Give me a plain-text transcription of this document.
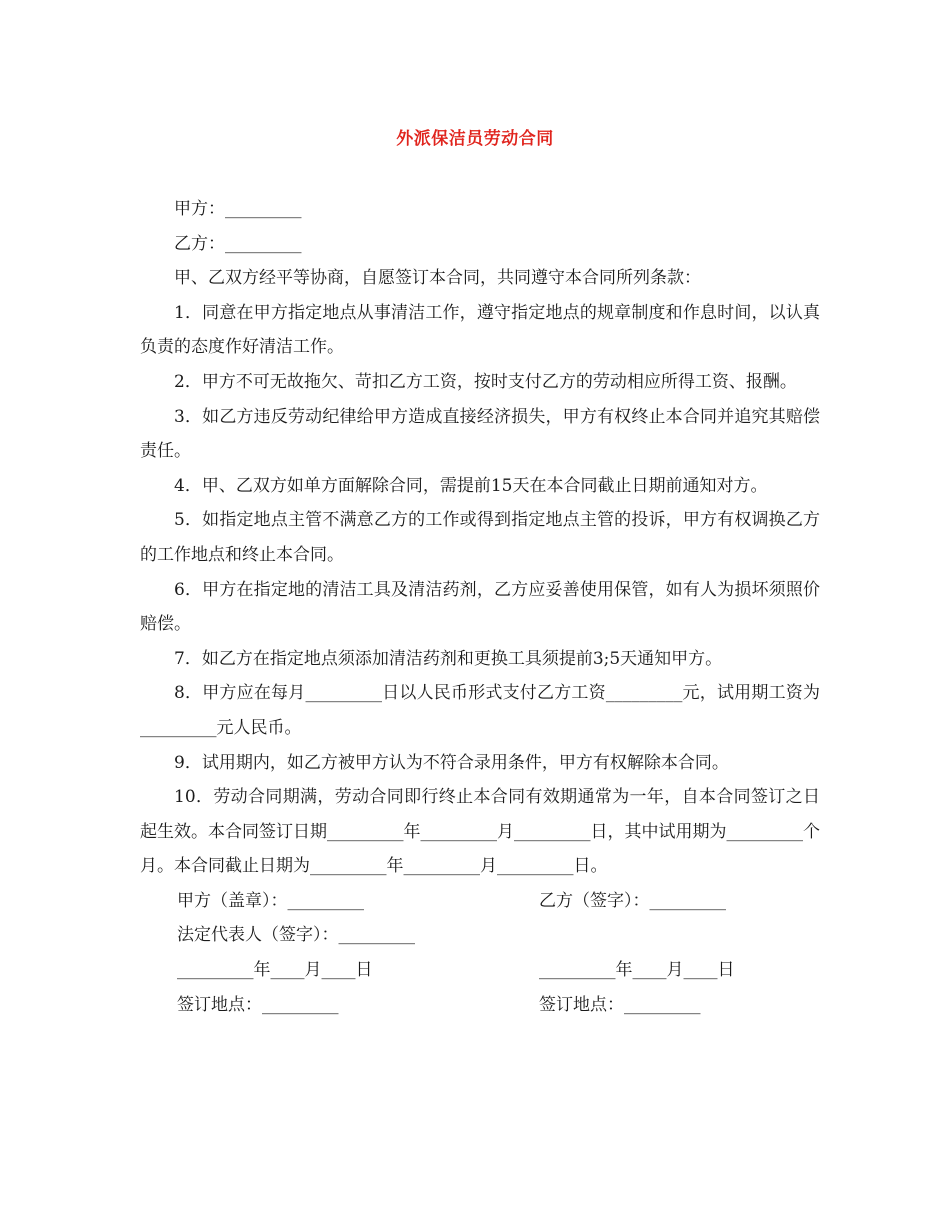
外派保洁员劳动合同

甲方：_________

乙方：_________

甲、乙双方经平等协商，自愿签订本合同，共同遵守本合同所列条款：

1．同意在甲方指定地点从事清洁工作，遵守指定地点的规章制度和作息时间，以认真负责的态度作好清洁工作。

2．甲方不可无故拖欠、苛扣乙方工资，按时支付乙方的劳动相应所得工资、报酬。

3．如乙方违反劳动纪律给甲方造成直接经济损失，甲方有权终止本合同并追究其赔偿责任。

4．甲、乙双方如单方面解除合同，需提前15天在本合同截止日期前通知对方。

5．如指定地点主管不满意乙方的工作或得到指定地点主管的投诉，甲方有权调换乙方的工作地点和终止本合同。

6．甲方在指定地的清洁工具及清洁药剂，乙方应妥善使用保管，如有人为损坏须照价赔偿。

7．如乙方在指定地点须添加清洁药剂和更换工具须提前3;5天通知甲方。

8．甲方应在每月_________日以人民币形式支付乙方工资_________元，试用期工资为_________元人民币。

9．试用期内，如乙方被甲方认为不符合录用条件，甲方有权解除本合同。

10．劳动合同期满，劳动合同即行终止本合同有效期通常为一年，自本合同签订之日起生效。本合同签订日期_________年_________月_________日，其中试用期为_________个月。本合同截止日期为_________年_________月_________日。

甲方（盖章）：_________	乙方（签字）：_________
法定代表人（签字）：_________
_________年____月____日	_________年____月____日
签订地点：_________	签订地点：_________
